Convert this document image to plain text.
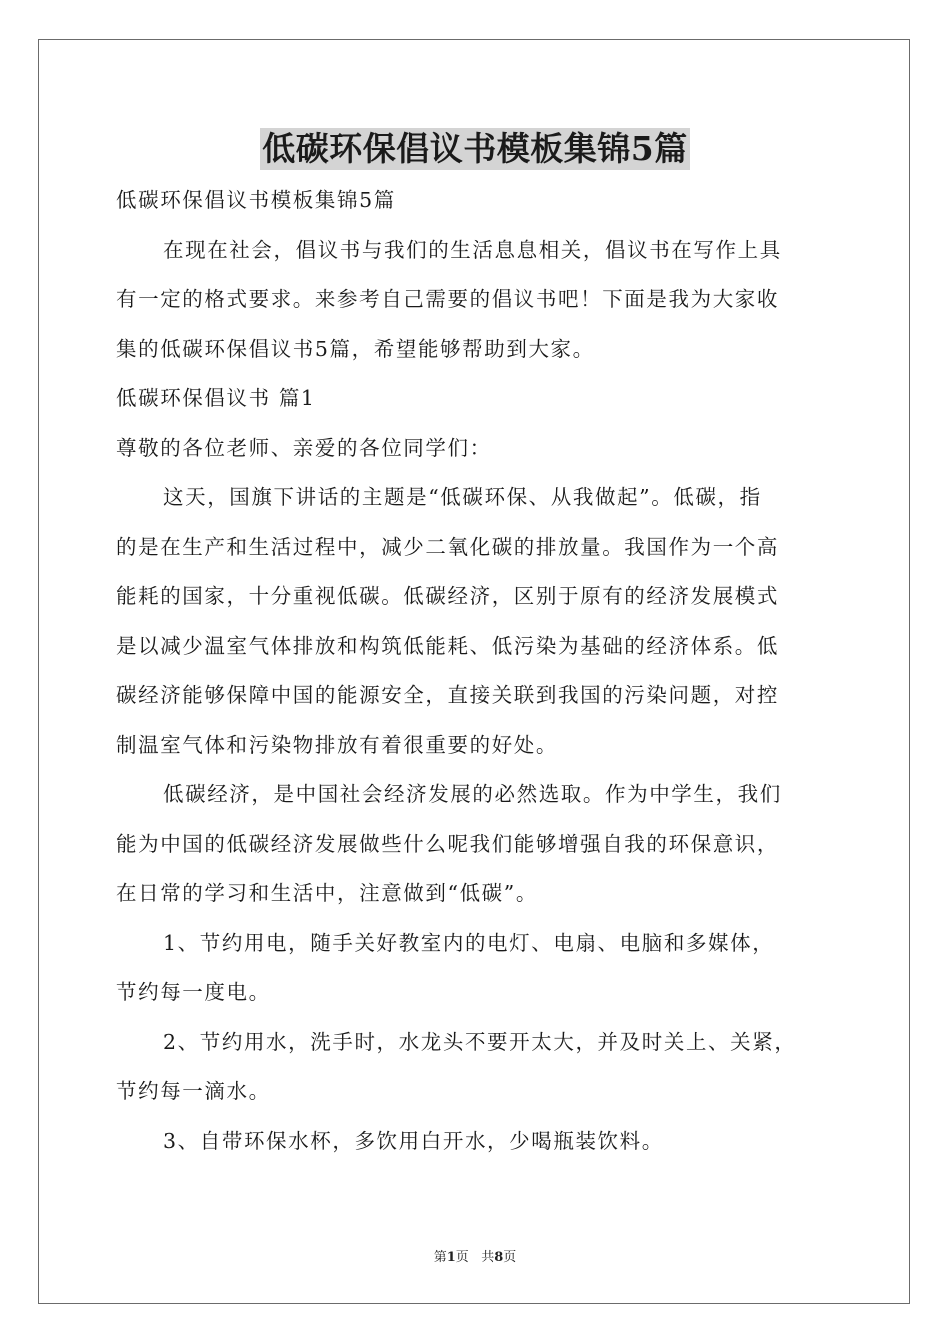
低碳环保倡议书模板集锦5篇
低碳环保倡议书模板集锦5篇
在现在社会，倡议书与我们的生活息息相关，倡议书在写作上具
有一定的格式要求。来参考自己需要的倡议书吧！下面是我为大家收
集的低碳环保倡议书5篇，希望能够帮助到大家。
低碳环保倡议书 篇1
尊敬的各位老师、亲爱的各位同学们：
这天，国旗下讲话的主题是“低碳环保、从我做起”。低碳，指
的是在生产和生活过程中，减少二氧化碳的排放量。我国作为一个高
能耗的国家，十分重视低碳。低碳经济，区别于原有的经济发展模式
是以减少温室气体排放和构筑低能耗、低污染为基础的经济体系。低
碳经济能够保障中国的能源安全，直接关联到我国的污染问题，对控
制温室气体和污染物排放有着很重要的好处。
低碳经济，是中国社会经济发展的必然选取。作为中学生，我们
能为中国的低碳经济发展做些什么呢我们能够增强自我的环保意识，
在日常的学习和生活中，注意做到“低碳”。
1、节约用电，随手关好教室内的电灯、电扇、电脑和多媒体，
节约每一度电。
2、节约用水，洗手时，水龙头不要开太大，并及时关上、关紧，
节约每一滴水。
3、自带环保水杯，多饮用白开水，少喝瓶装饮料。
第1页 共8页
